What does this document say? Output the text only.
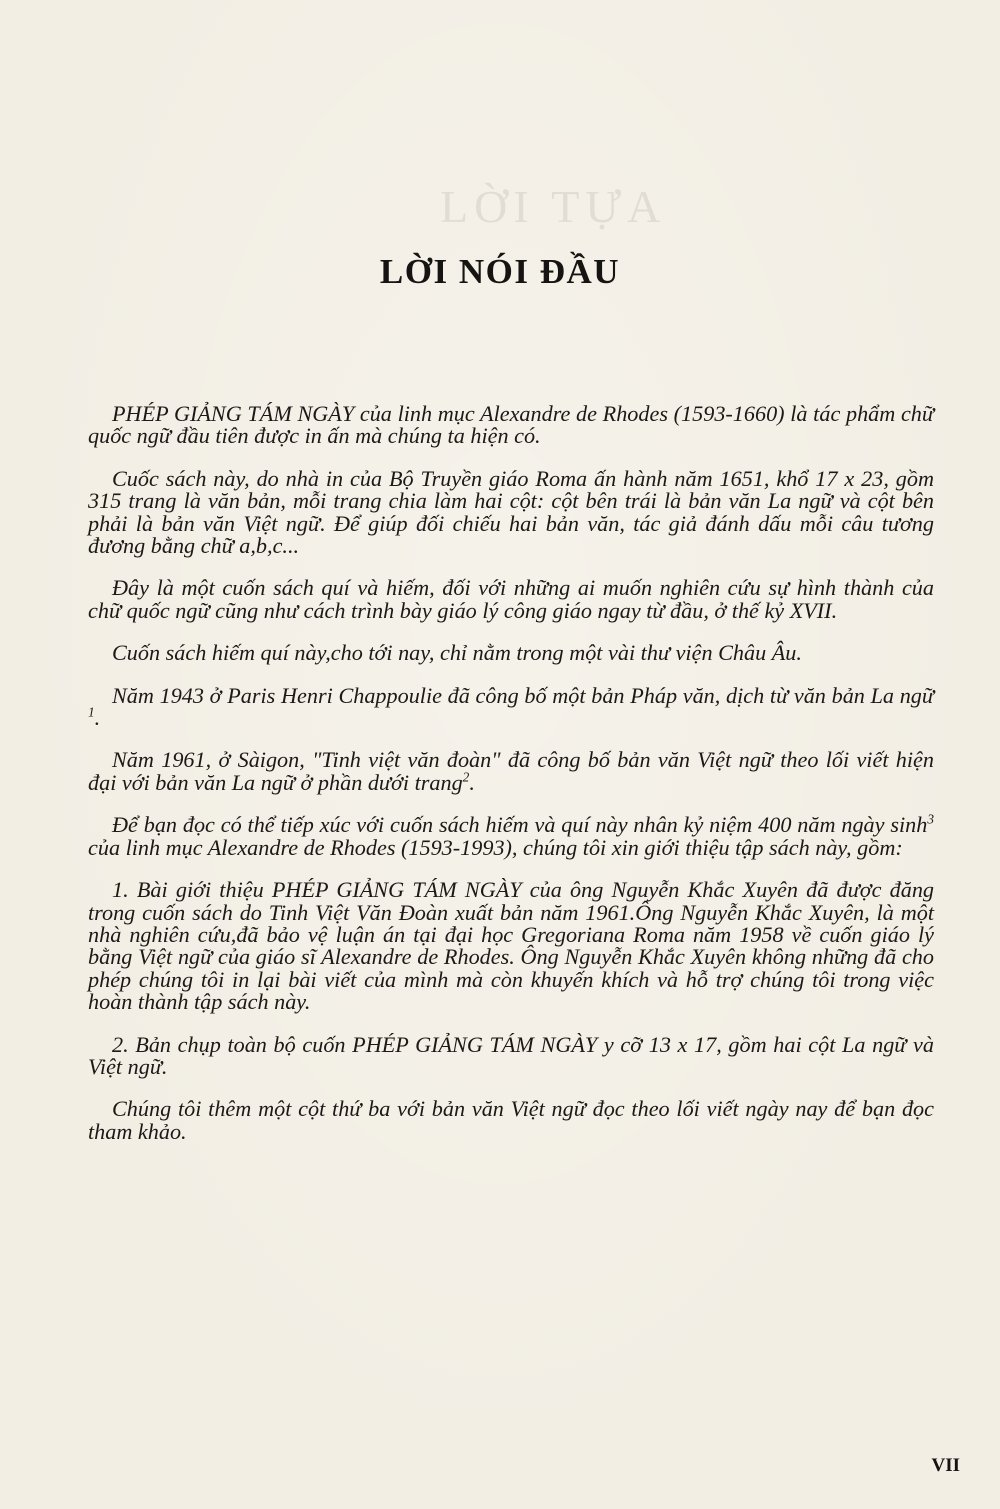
LỜI TỰA
LỜI NÓI ĐẦU

PHÉP GIẢNG TÁM NGÀY của linh mục Alexandre de Rhodes (1593-1660) là tác phẩm chữ quốc ngữ đầu tiên được in ấn mà chúng ta hiện có.

Cuốc sách này, do nhà in của Bộ Truyền giáo Roma ấn hành năm 1651, khổ 17 x 23, gồm 315 trang là văn bản, mỗi trang chia làm hai cột: cột bên trái là bản văn La ngữ và cột bên phải là bản văn Việt ngữ. Để giúp đối chiếu hai bản văn, tác giả đánh dấu mỗi câu tương đương bằng chữ a,b,c...

Đây là một cuốn sách quí và hiếm, đối với những ai muốn nghiên cứu sự hình thành của chữ quốc ngữ cũng như cách trình bày giáo lý công giáo ngay từ đầu, ở thế kỷ XVII.

Cuốn sách hiếm quí này,cho tới nay, chỉ nằm trong một vài thư viện Châu Âu.

Năm 1943 ở Paris Henri Chappoulie đã công bố một bản Pháp văn, dịch từ văn bản La ngữ $^1$.

Năm 1961, ở Sàigon, "Tinh việt văn đoàn" đã công bố bản văn Việt ngữ theo lối viết hiện đại với bản văn La ngữ ở phần dưới trang$^2$.

Để bạn đọc có thể tiếp xúc với cuốn sách hiếm và quí này nhân kỷ niệm 400 năm ngày $\sinh^3$ của linh mục Alexandre de Rhodes (1593-1993), chúng tôi xin giới thiệu tập sách này, gồm:

1. Bài giới thiệu PHÉP GIẢNG TÁM NGÀY của ông Nguyễn Khắc Xuyên đã được đăng trong cuốn sách do Tinh Việt Văn Đoàn xuất bản năm 1961.Ông Nguyễn Khắc Xuyên, là một nhà nghiên cứu,đã bảo vệ luận án tại đại học Gregoriana Roma năm 1958 về cuốn giáo lý bằng Việt ngữ của giáo sĩ Alexandre de Rhodes. Ông Nguyễn Khắc Xuyên không những đã cho phép chúng tôi in lại bài viết của mình mà còn khuyến khích và hỗ trợ chúng tôi trong việc hoàn thành tập sách này.

2. Bản chụp toàn bộ cuốn PHÉP GIẢNG TÁM NGÀY y cỡ 13 x 17, gồm hai cột La ngữ và Việt ngữ.

Chúng tôi thêm một cột thứ ba với bản văn Việt ngữ đọc theo lối viết ngày nay để bạn đọc tham khảo.

VII
